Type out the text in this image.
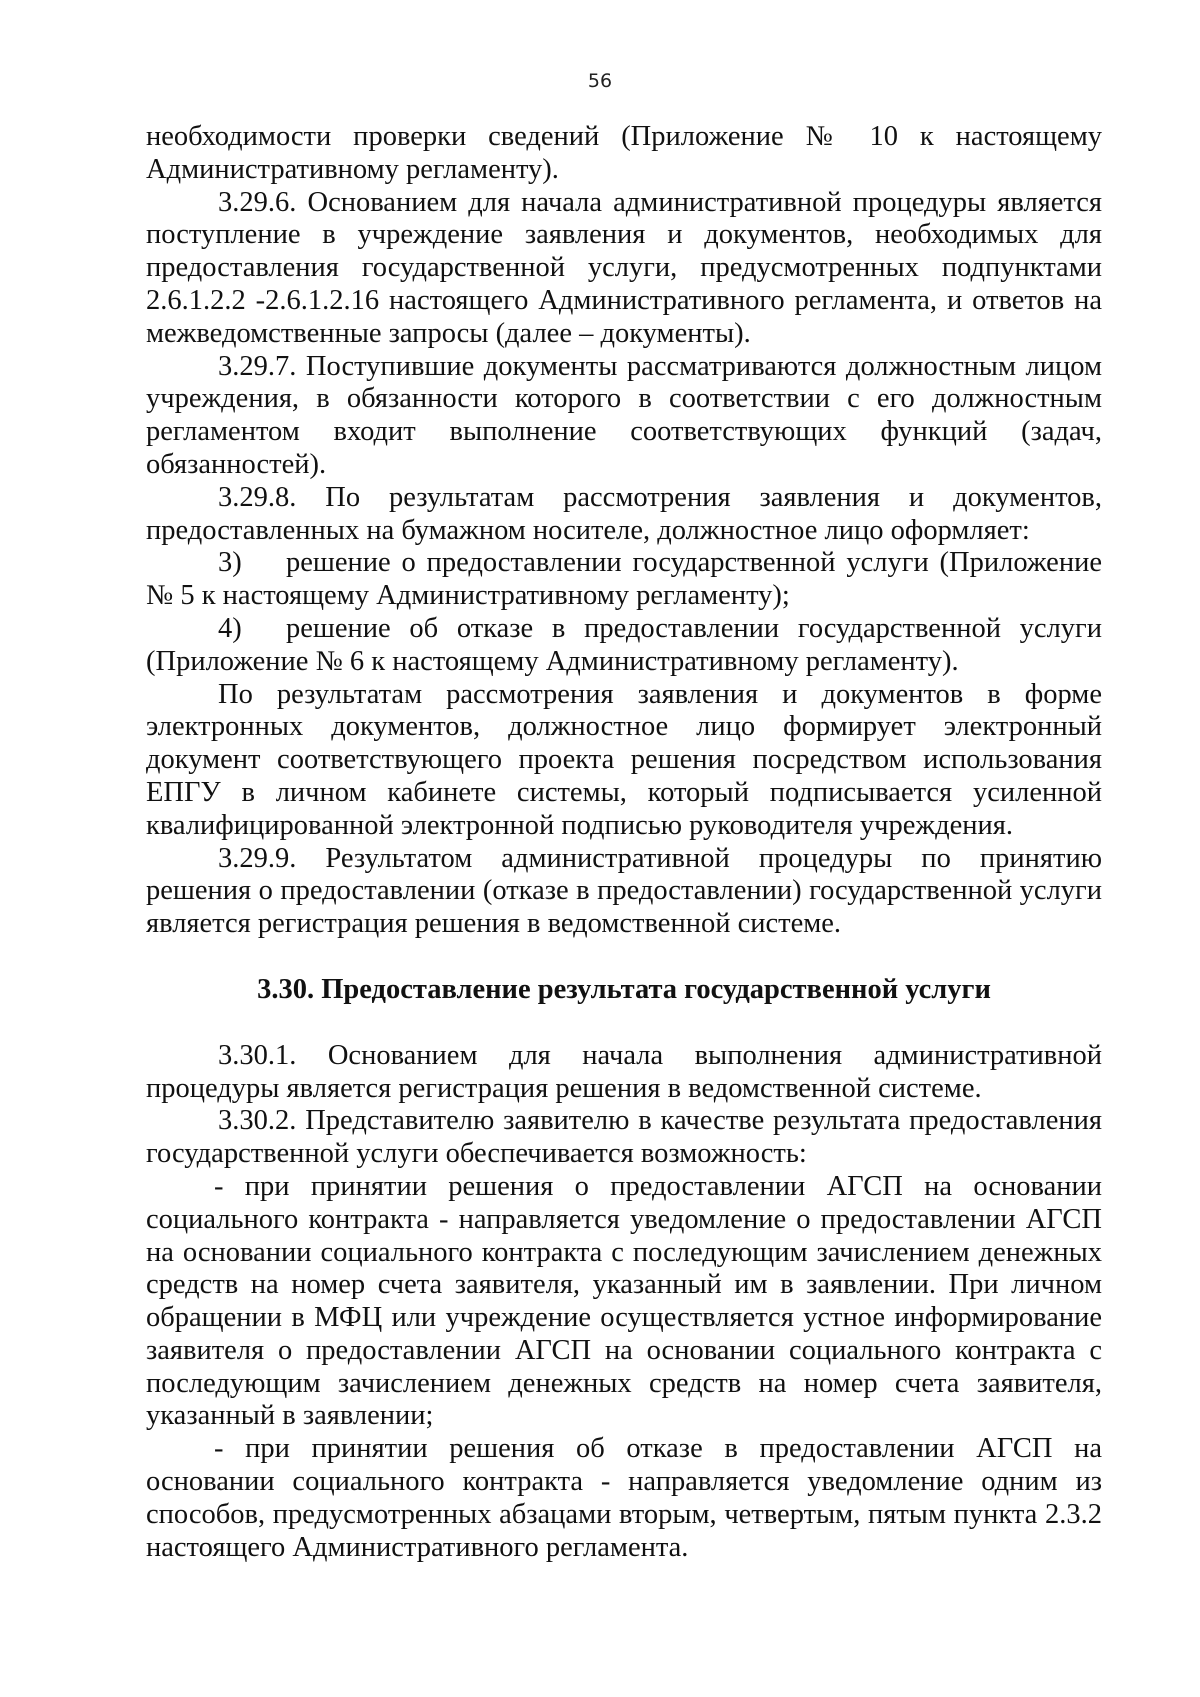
56

необходимости проверки сведений (Приложение № 10 к настоящему Административному регламенту).

3.29.6. Основанием для начала административной процедуры является поступление в учреждение заявления и документов, необходимых для предоставления государственной услуги, предусмотренных подпунктами 2.6.1.2.2 -2.6.1.2.16 настоящего Административного регламента, и ответов на межведомственные запросы (далее – документы).

3.29.7. Поступившие документы рассматриваются должностным лицом учреждения, в обязанности которого в соответствии с его должностным регламентом входит выполнение соответствующих функций (задач, обязанностей).

3.29.8. По результатам рассмотрения заявления и документов, предоставленных на бумажном носителе, должностное лицо оформляет:

3) решение о предоставлении государственной услуги (Приложение № 5 к настоящему Административному регламенту);

4) решение об отказе в предоставлении государственной услуги (Приложение № 6 к настоящему Административному регламенту).

По результатам рассмотрения заявления и документов в форме электронных документов, должностное лицо формирует электронный документ соответствующего проекта решения посредством использования ЕПГУ в личном кабинете системы, который подписывается усиленной квалифицированной электронной подписью руководителя учреждения.

3.29.9. Результатом административной процедуры по принятию решения о предоставлении (отказе в предоставлении) государственной услуги является регистрация решения в ведомственной системе.

3.30. Предоставление результата государственной услуги

3.30.1. Основанием для начала выполнения административной процедуры является регистрация решения в ведомственной системе.

3.30.2. Представителю заявителю в качестве результата предоставления государственной услуги обеспечивается возможность:

- при принятии решения о предоставлении АГСП на основании социального контракта - направляется уведомление о предоставлении АГСП на основании социального контракта с последующим зачислением денежных средств на номер счета заявителя, указанный им в заявлении. При личном обращении в МФЦ или учреждение осуществляется устное информирование заявителя о предоставлении АГСП на основании социального контракта с последующим зачислением денежных средств на номер счета заявителя, указанный в заявлении;

- при принятии решения об отказе в предоставлении АГСП на основании социального контракта - направляется уведомление одним из способов, предусмотренных абзацами вторым, четвертым, пятым пункта 2.3.2 настоящего Административного регламента.
